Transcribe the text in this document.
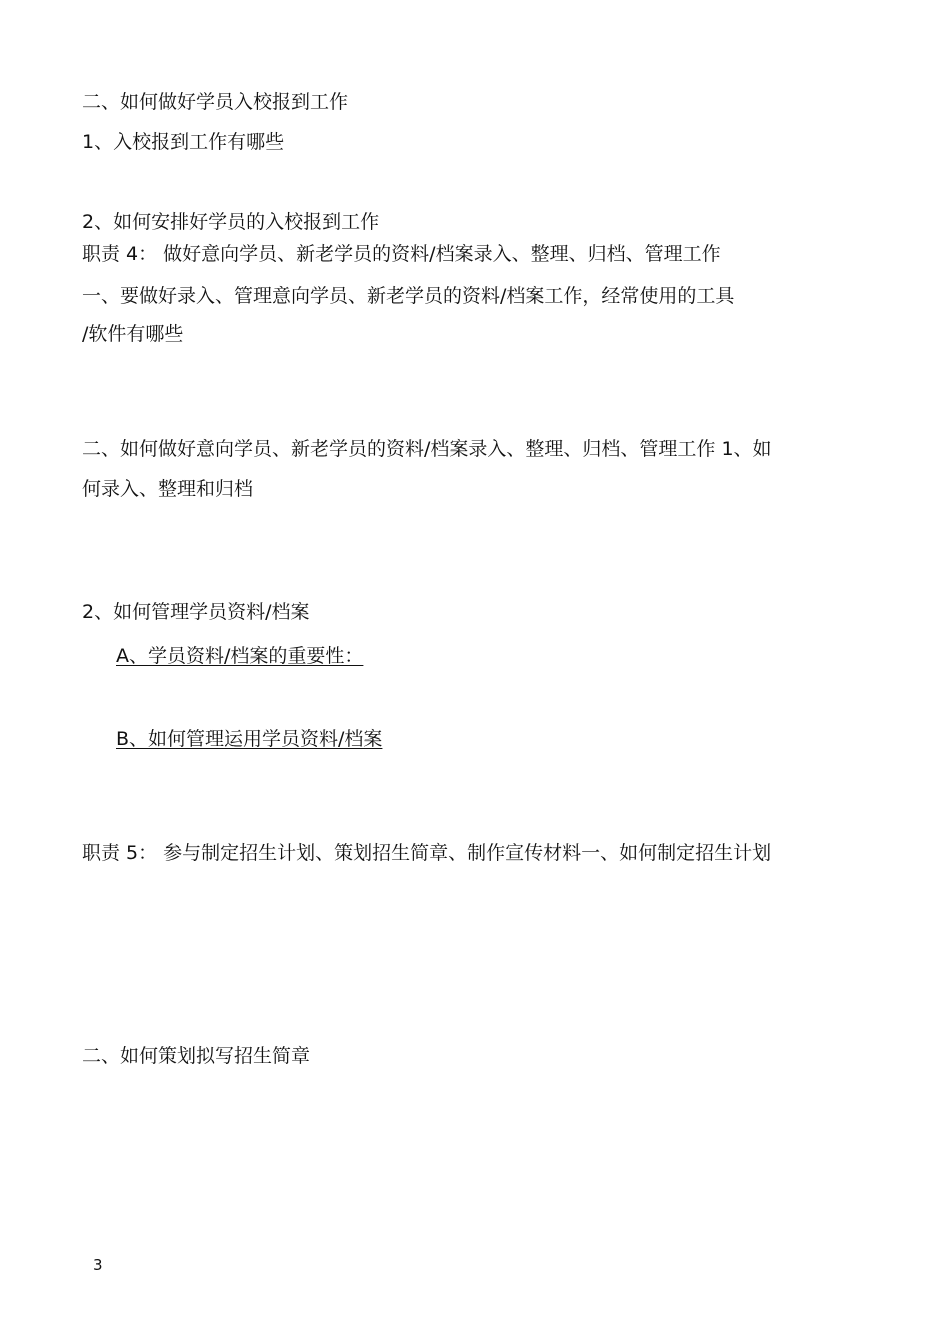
二、如何做好学员入校报到工作
1、入校报到工作有哪些
2、如何安排好学员的入校报到工作
职责 4： 做好意向学员、新老学员的资料/档案录入、整理、归档、管理工作
一、要做好录入、管理意向学员、新老学员的资料/档案工作，经常使用的工具
/软件有哪些
二、如何做好意向学员、新老学员的资料/档案录入、整理、归档、管理工作 1、如
何录入、整理和归档
2、如何管理学员资料/档案
A、学员资料/档案的重要性：
B、如何管理运用学员资料/档案
职责 5： 参与制定招生计划、策划招生简章、制作宣传材料一、如何制定招生计划
二、如何策划拟写招生简章
3
